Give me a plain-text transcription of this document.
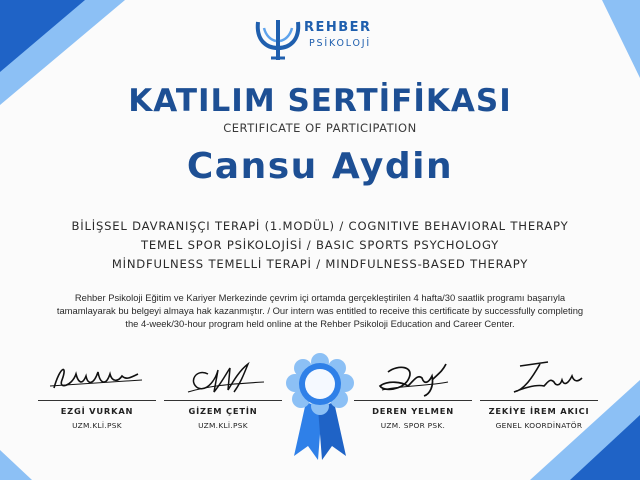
REHBER
PSİKOLOJİ
KATILIM SERTİFİKASI
CERTIFICATE OF PARTICIPATION
Cansu Aydin
BİLİŞSEL DAVRANIŞÇI TERAPİ (1.MODÜL) / COGNITIVE BEHAVIORAL THERAPY
TEMEL SPOR PSİKOLOJİSİ / BASIC SPORTS PSYCHOLOGY
MİNDFULNESS TEMELLİ TERAPİ / MINDFULNESS-BASED THERAPY
Rehber Psikoloji Eğitim ve Kariyer Merkezinde çevrim içi ortamda gerçekleştirilen 4 hafta/30 saatlik programı başarıyla
tamamlayarak bu belgeyi almaya hak kazanmıştır. / Our intern was entitled to receive this certificate by successfully completing
the 4-week/30-hour program held online at the Rehber Psikoloji Education and Career Center.
EZGİ VURKAN
UZM.KLİ.PSK
GİZEM ÇETİN
UZM.KLİ.PSK
DEREN YELMEN
UZM. SPOR PSK.
ZEKİYE İREM AKICI
GENEL KOORDİNATÖR
